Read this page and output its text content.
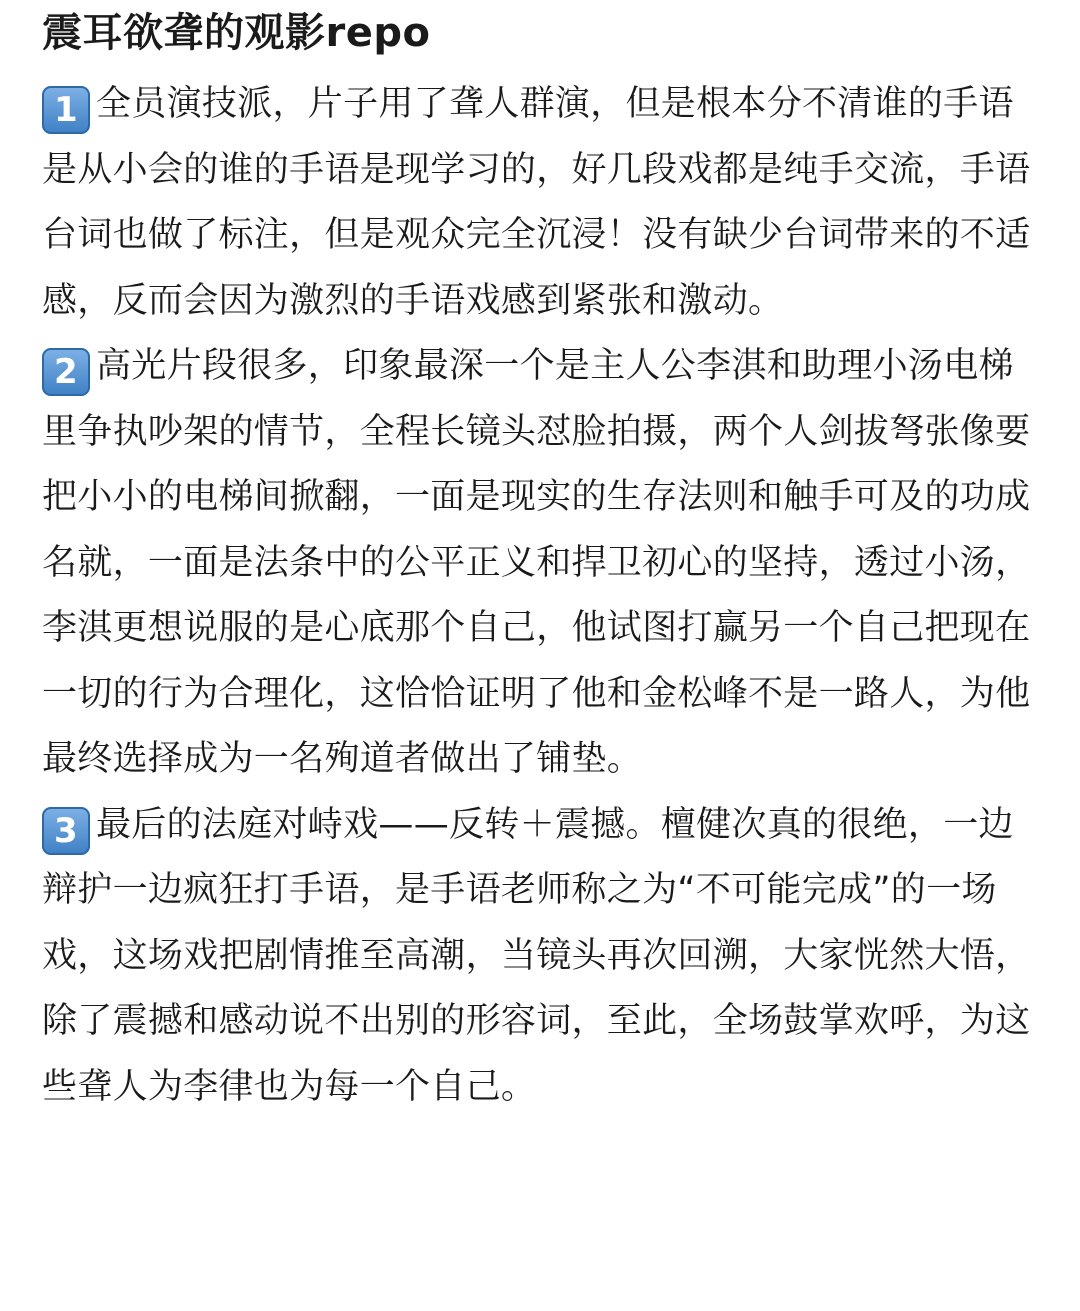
震耳欲聋的观影repo

1 全员演技派，片子用了聋人群演，但是根本分不清谁的手语是从小会的谁的手语是现学习的，好几段戏都是纯手交流，手语台词也做了标注，但是观众完全沉浸！没有缺少台词带来的不适感，反而会因为激烈的手语戏感到紧张和激动。

2 高光片段很多，印象最深一个是主人公李淇和助理小汤电梯里争执吵架的情节，全程长镜头怼脸拍摄，两个人剑拔弩张像要把小小的电梯间掀翻，一面是现实的生存法则和触手可及的功成名就，一面是法条中的公平正义和捍卫初心的坚持，透过小汤，李淇更想说服的是心底那个自己，他试图打赢另一个自己把现在一切的行为合理化，这恰恰证明了他和金松峰不是一路人，为他最终选择成为一名殉道者做出了铺垫。

3 最后的法庭对峙戏——反转＋震撼。檀健次真的很绝，一边辩护一边疯狂打手语，是手语老师称之为“不可能完成”的一场戏，这场戏把剧情推至高潮，当镜头再次回溯，大家恍然大悟，除了震撼和感动说不出别的形容词，至此，全场鼓掌欢呼，为这些聋人为李律也为每一个自己。
